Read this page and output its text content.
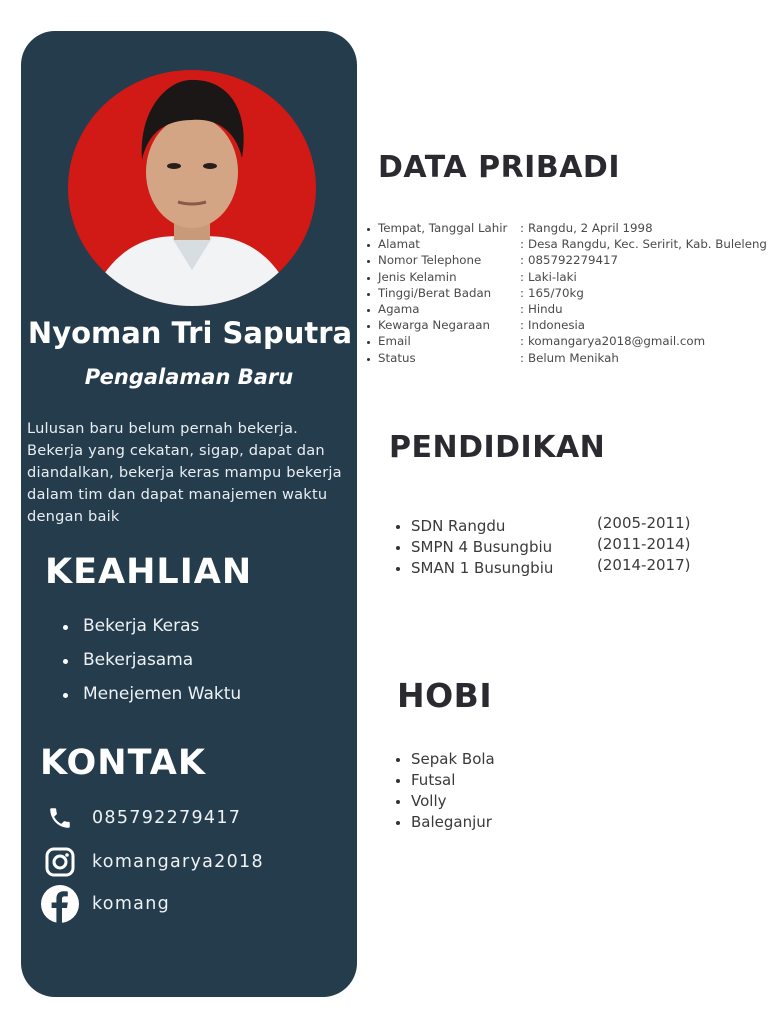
Nyoman Tri Saputra
Pengalaman Baru
Lulusan baru belum pernah bekerja. Bekerja yang cekatan, sigap, dapat dan diandalkan, bekerja keras mampu bekerja dalam tim dan dapat manajemen waktu dengan baik
KEAHLIAN
Bekerja Keras
Bekerjasama
Menejemen Waktu
KONTAK
085792279417
komangarya2018
komang
DATA PRIBADI
Tempat, Tanggal Lahir : Rangdu, 2 April 1998
Alamat	: Desa Rangdu, Kec. Seririt, Kab. Buleleng
Nomor Telephone	: 085792279417
Jenis Kelamin	: Laki-laki
Tinggi/Berat Badan : 165/70kg
Agama	: Hindu
Kewarga Negaraan	: Indonesia
Email	: komangarya2018@gmail.com
Status	: Belum Menikah
PENDIDIKAN
SDN Rangdu	(2005-2011)
SMPN 4 Busungbiu	(2011-2014)
SMAN 1 Busungbiu	(2014-2017)
HOBI
Sepak Bola
Futsal
Volly
Baleganjur
